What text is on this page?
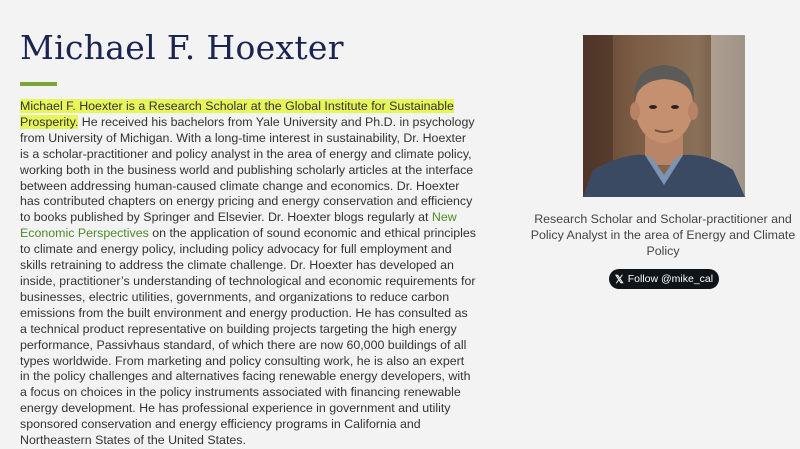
Michael F. Hoexter

Michael F. Hoexter is a Research Scholar at the Global Institute for Sustainable Prosperity. He received his bachelors from Yale University and Ph.D. in psychology from University of Michigan. With a long-time interest in sustainability, Dr. Hoexter is a scholar-practitioner and policy analyst in the area of energy and climate policy, working both in the business world and publishing scholarly articles at the interface between addressing human-caused climate change and economics. Dr. Hoexter has contributed chapters on energy pricing and energy conservation and efficiency to books published by Springer and Elsevier. Dr. Hoexter blogs regularly at New Economic Perspectives on the application of sound economic and ethical principles to climate and energy policy, including policy advocacy for full employment and skills retraining to address the climate challenge. Dr. Hoexter has developed an inside, practitioner’s understanding of technological and economic requirements for businesses, electric utilities, governments, and organizations to reduce carbon emissions from the built environment and energy production. He has consulted as a technical product representative on building projects targeting the high energy performance, Passivhaus standard, of which there are now 60,000 buildings of all types worldwide. From marketing and policy consulting work, he is also an expert in the policy challenges and alternatives facing renewable energy developers, with a focus on choices in the policy instruments associated with financing renewable energy development. He has professional experience in government and utility sponsored conservation and energy efficiency programs in California and Northeastern States of the United States.

Research Scholar and Scholar-practitioner and Policy Analyst in the area of Energy and Climate Policy

𝕏 Follow @mike_cal
